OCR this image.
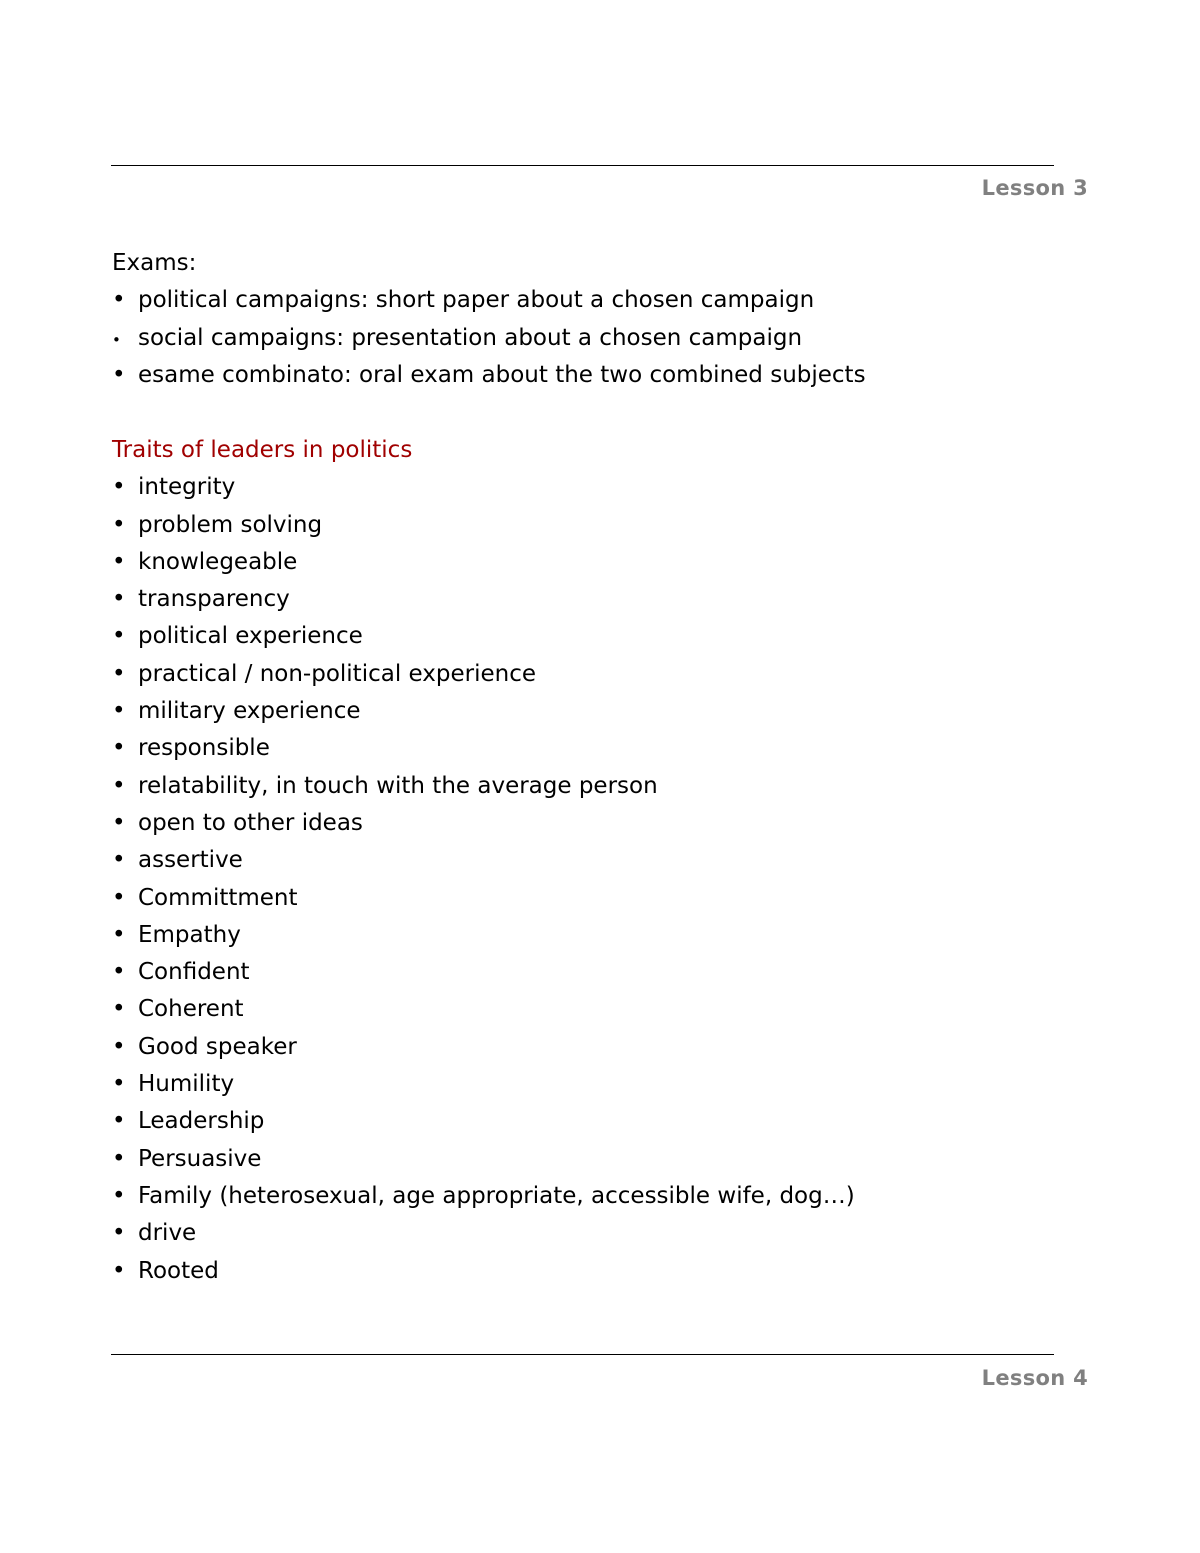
Lesson 3
Exams:
• political campaigns: short paper about a chosen campaign
• social campaigns: presentation about a chosen campaign
• esame combinato: oral exam about the two combined subjects
Traits of leaders in politics
• integrity
• problem solving
• knowlegeable
• transparency
• political experience
• practical / non-political experience
• military experience
• responsible
• relatability, in touch with the average person
• open to other ideas
• assertive
• Committment
• Empathy
• Confident
• Coherent
• Good speaker
• Humility
• Leadership
• Persuasive
• Family (heterosexual, age appropriate, accessible wife, dog…)
• drive
• Rooted
Lesson 4
